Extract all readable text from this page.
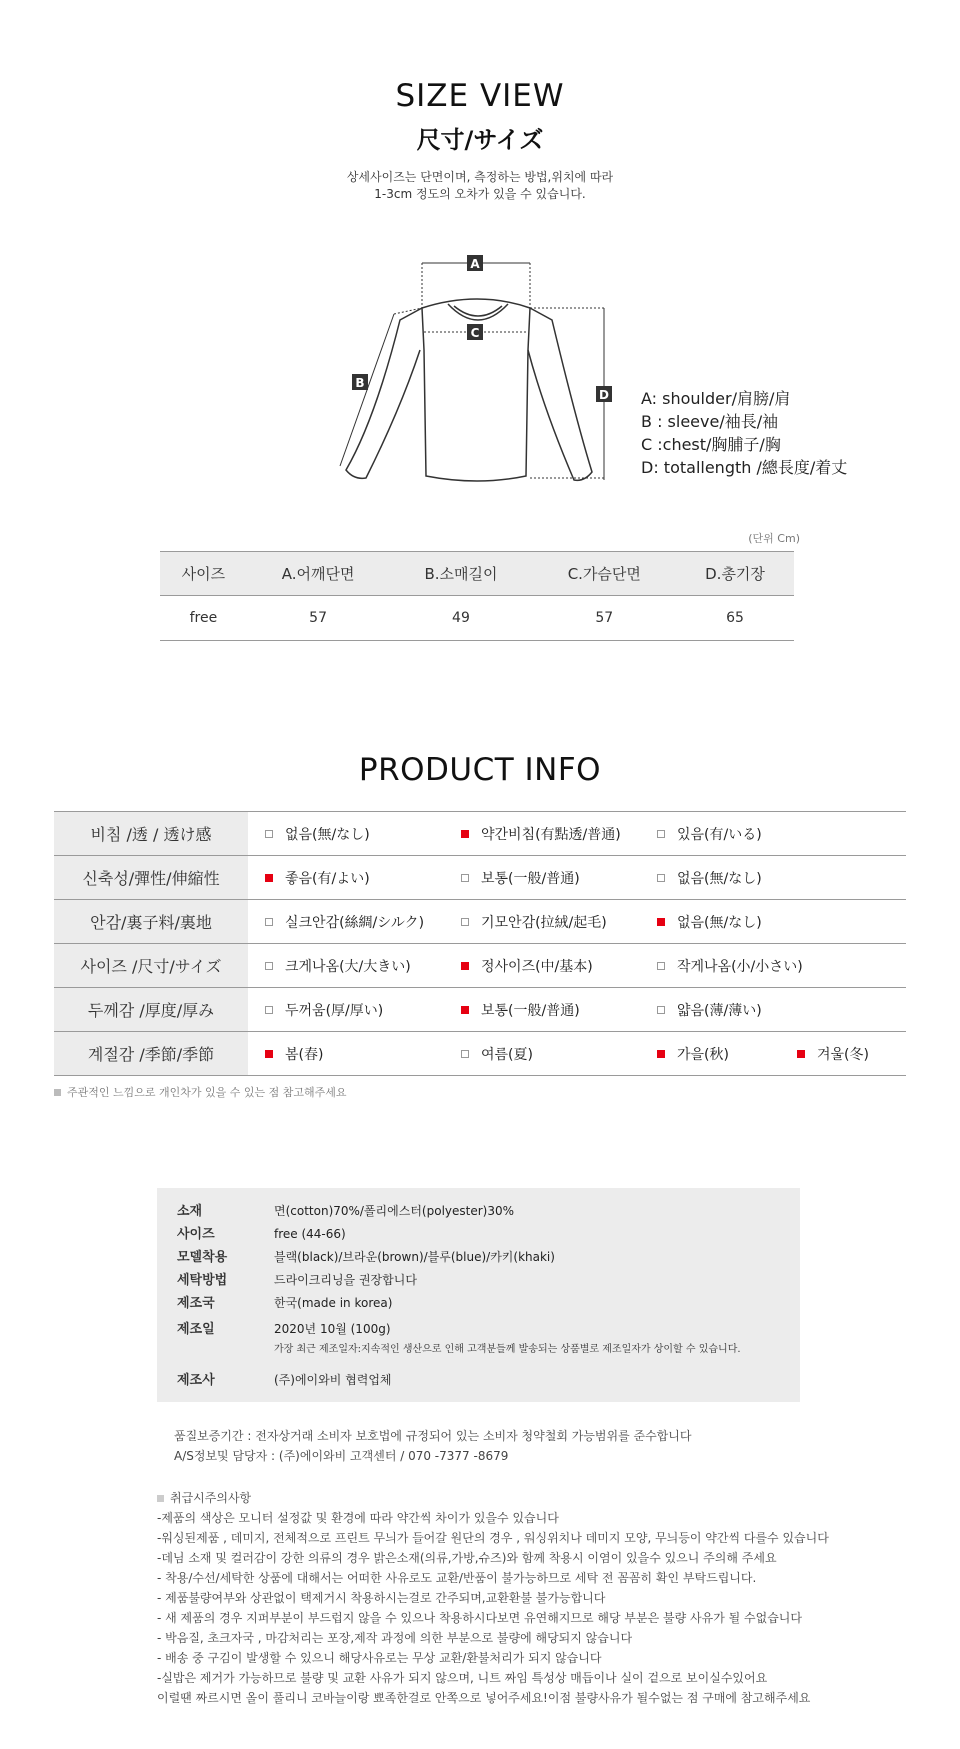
SIZE VIEW
尺寸/サイズ
상세사이즈는 단면이며, 측정하는 방법,위치에 따라
1-3cm 정도의 오차가 있을 수 있습니다.
A
C
B
D A: shoulder/肩膀/肩
B : sleeve/袖長/袖
C :chest/胸脯子/胸
D: totallength /總長度/着丈
(단위 Cm)
사이즈	A.어깨단면	B.소매길이	C.가슴단면	D.총기장
free	57	49	57	65
PRODUCT INFO
비침 /透 / 透け感	없음(無/なし)	약간비침(有點透/普通)	있음(有/いる)	

신축성/彈性/伸縮性	좋음(有/よい)	보통(一般/普通)	없음(無/なし)	

안감/裏子料/裏地	실크안감(絲綢/シルク)	기모안감(拉絨/起毛)	없음(無/なし)	

사이즈 /尺寸/サイズ	크게나옴(大/大きい)	정사이즈(中/基本)	작게나옴(小/小さい)	

두께감 /厚度/厚み	두꺼움(厚/厚い)	보통(一般/普通)	얇음(薄/薄い)	

계절감 /季節/季節	봄(春)	여름(夏)	가을(秋)	겨울(冬)
주관적인 느낌으로 개인차가 있을 수 있는 점 참고해주세요
소재	면(cotton)70%/폴리에스터(polyester)30%
사이즈	free (44-66)
모델착용	블랙(black)/브라운(brown)/블루(blue)/카키(khaki)
세탁방법	드라이크리닝을 권장합니다
제조국	한국(made in korea)
제조일	2020년 10월 (100g)
가장 최근 제조일자:지속적인 생산으로 인해 고객분들께 발송되는 상품별로 제조일자가 상이할 수 있습니다.
제조사	(주)에이와비 협력업체
품질보증기간 : 전자상거래 소비자 보호법에 규정되어 있는 소비자 청약철회 가능범위를 준수합니다
A/S정보및 담당자 : (주)에이와비 고객센터 / 070 -7377 -8679
취급시주의사항
-제품의 색상은 모니터 설정값 및 환경에 따라 약간씩 차이가 있을수 있습니다
-워싱된제품 , 데미지, 전체적으로 프린트 무늬가 들어갈 원단의 경우 , 워싱위치나 데미지 모양, 무늬등이 약간씩 다를수 있습니다
-데님 소재 및 컬러감이 강한 의류의 경우 밝은소재(의류,가방,슈즈)와 함께 착용시 이염이 있을수 있으니 주의해 주세요
- 착용/수선/세탁한 상품에 대해서는 어떠한 사유로도 교환/반품이 불가능하므로 세탁 전 꼼꼼히 확인 부탁드립니다.
- 제품불량여부와 상관없이 택제거시 착용하시는걸로 간주되며,교환환불 불가능합니다
- 새 제품의 경우 지퍼부분이 부드럽지 않을 수 있으나 착용하시다보면 유연해지므로 해당 부분은 불량 사유가 될 수없습니다
- 박음질, 초크자국 , 마감처리는 포장,제작 과정에 의한 부분으로 불량에 해당되지 않습니다
- 배송 중 구김이 발생할 수 있으니 해당사유로는 무상 교환/환불처리가 되지 않습니다
-실밥은 제거가 가능하므로 불량 및 교환 사유가 되지 않으며, 니트 짜임 특성상 매듭이나 실이 겉으로 보이실수있어요
이럴땐 짜르시면 올이 풀리니 코바늘이랑 뾰족한걸로 안쪽으로 넣어주세요!이점 불량사유가 될수없는 점 구매에 참고해주세요
